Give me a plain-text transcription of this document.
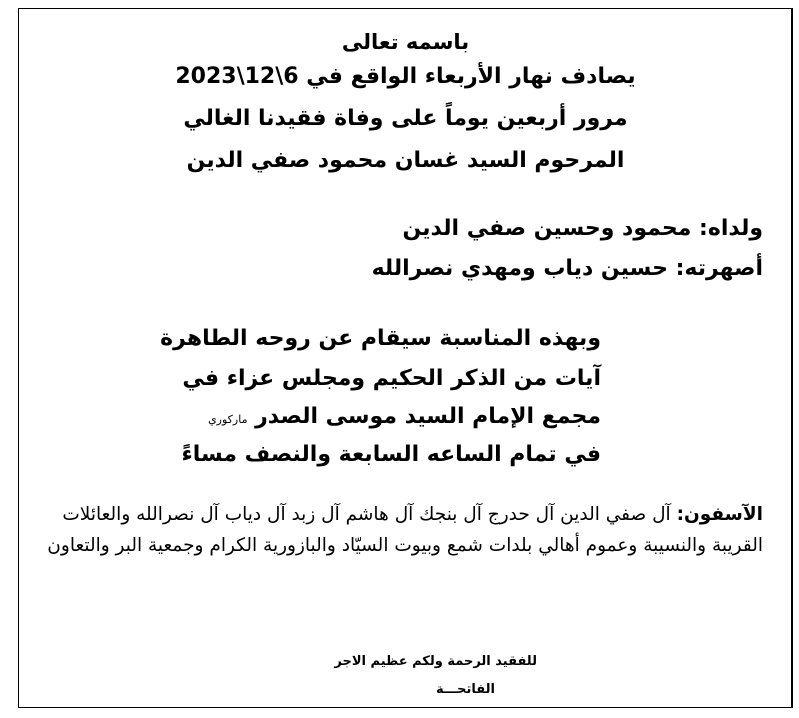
باسمه تعالى
يصادف نهار الأربعاء الواقع في 6\12\2023
مرور أربعين يوماً على وفاة فقيدنا الغالي
المرحوم السيد غسان محمود صفي الدين
ولداه: محمود وحسين صفي الدين
أصهرته: حسين دياب ومهدي نصرالله
وبهذه المناسبة سيقام عن روحه الطاهرة
آيات من الذكر الحكيم ومجلس عزاء في
مجمع الإمام السيد موسى الصدر ماركوري
في تمام الساعه السابعة والنصف مساءً
الآسفون: آل صفي الدين آل حدرج آل بنجك آل هاشم آل زبد آل دياب آل نصرالله والعائلات القريبة والنسيبة وعموم أهالي بلدات شمع وبيوت السيّاد والبازورية الكرام وجمعية البر والتعاون
للفقيد الرحمة ولكم عظيم الاجر
الفاتحـــة
